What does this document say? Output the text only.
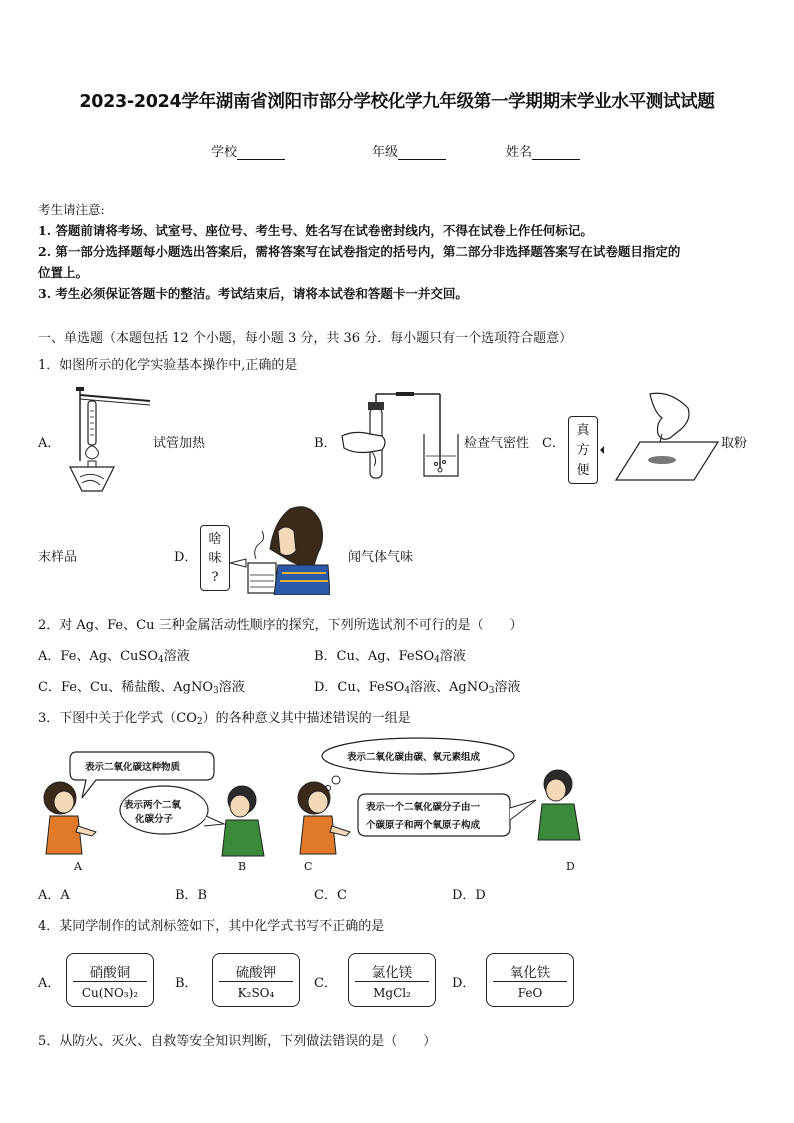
2023-2024学年湖南省浏阳市部分学校化学九年级第一学期期末学业水平测试试题
学校	年级	姓名
考生请注意:
1. 答题前请将考场、试室号、座位号、考生号、姓名写在试卷密封线内，不得在试卷上作任何标记。
2. 第一部分选择题每小题选出答案后，需将答案写在试卷指定的括号内，第二部分非选择题答案写在试卷题目指定的
位置上。
3. 考生必须保证答题卡的整洁。考试结束后，请将本试卷和答题卡一并交回。
一、单选题（本题包括 12 个小题，每小题 3 分，共 36 分．每小题只有一个选项符合题意）
1．如图所示的化学实验基本操作中,正确的是
A．	试管加热	B．	检查气密性 C．
真
方
便
取粉
末样品	D．
啥
味
?
闻气体气味
2．对 Ag、Fe、Cu 三种金属活动性顺序的探究，下列所选试剂不可行的是（　　）
A．Fe、Ag、CuSO$_4$溶液	B．Cu、Ag、FeSO$_4$溶液
C．Fe、Cu、稀盐酸、AgNO$_3$溶液	D．Cu、FeSO$_4$溶液、AgNO$_3$溶液
3．下图中关于化学式$(CO_2)$的各种意义其中描述错误的一组是
表示二氧化碳这种物质
表示两个二氧
化碳分子
表示二氧化碳由碳、氧元素组成
表示一个二氧化碳分子由一
个碳原子和两个氧原子构成
A	B	C	D
A．A	B．B	C．C	D．D
4．某同学制作的试剂标签如下，其中化学式书写不正确的是
A．
硝酸铜
Cu(NO₃)₂
B．
硫酸钾
K₂SO₄
C．
氯化镁
MgCl₂
D．
氧化铁
FeO
5．从防火、灭火、自救等安全知识判断，下列做法错误的是（　　）
